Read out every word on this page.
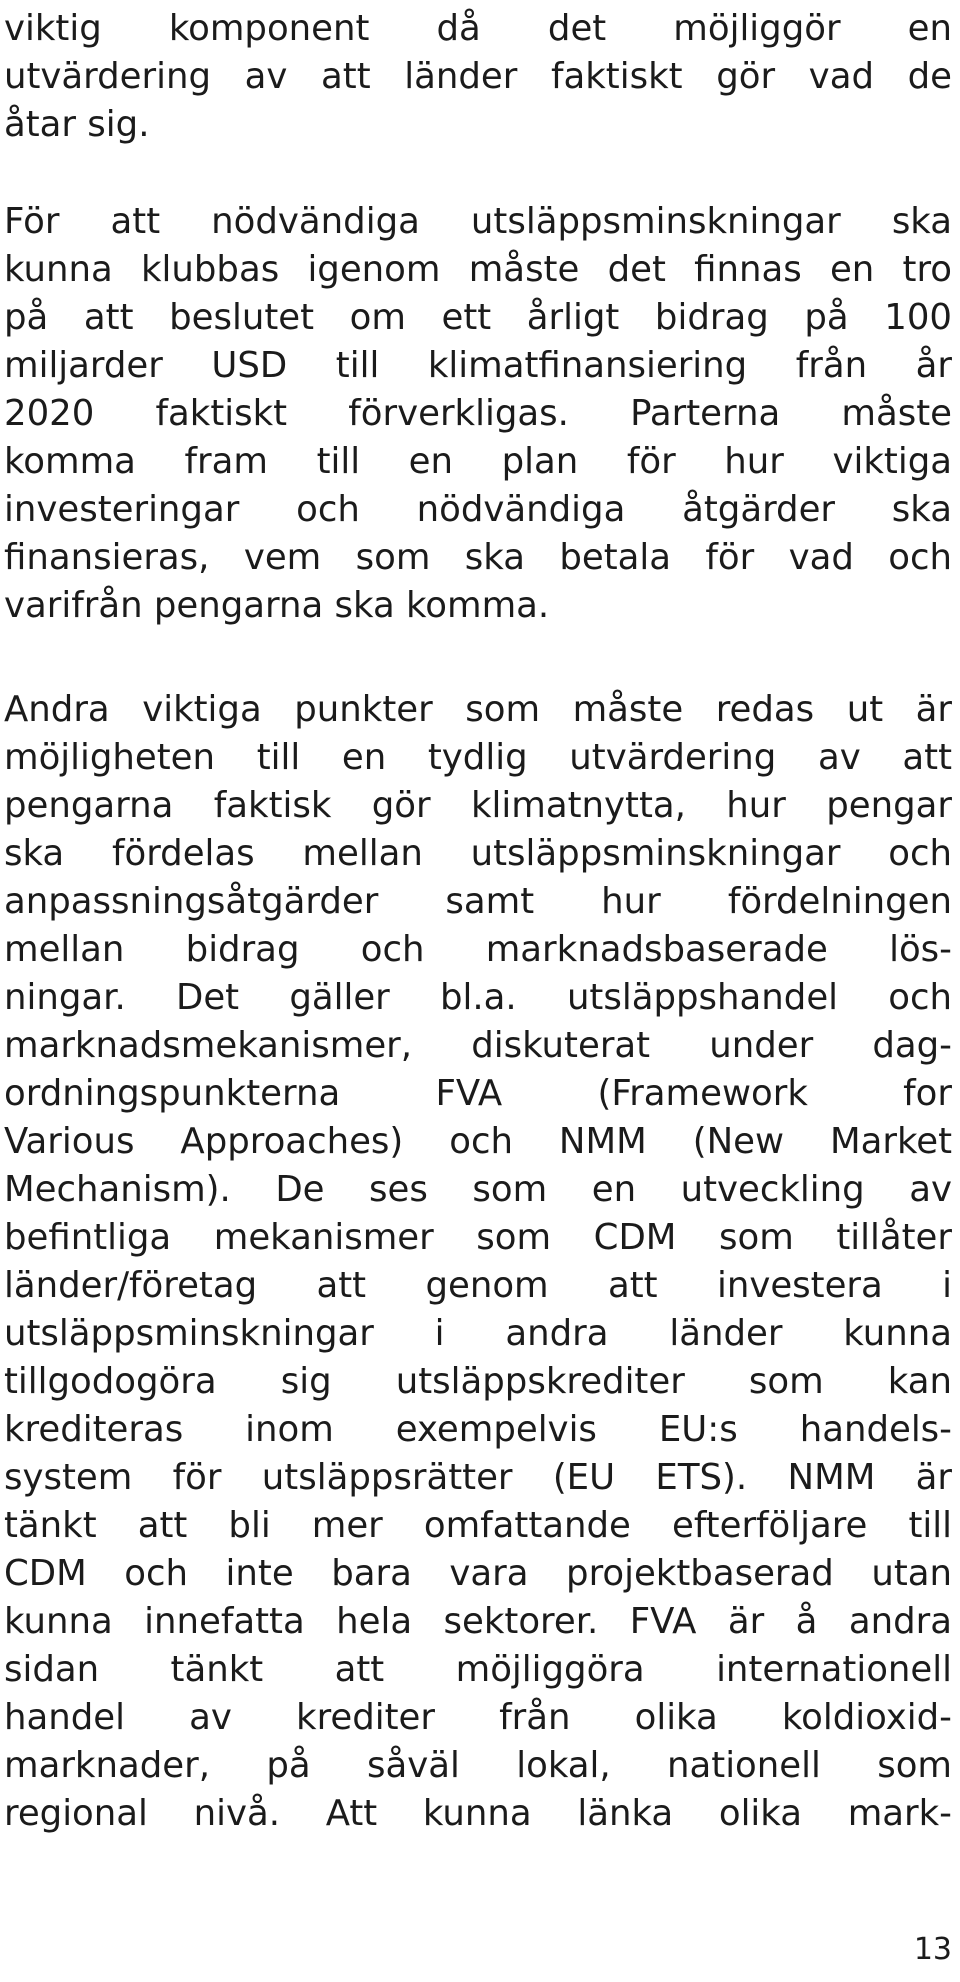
viktig komponent då det möjliggör en
utvärdering av att länder faktiskt gör vad de
åtar sig.
För att nödvändiga utsläppsminskningar ska
kunna klubbas igenom måste det finnas en tro
på att beslutet om ett årligt bidrag på 100
miljarder USD till klimatfinansiering från år
2020 faktiskt förverkligas. Parterna måste
komma fram till en plan för hur viktiga
investeringar och nödvändiga åtgärder ska
finansieras, vem som ska betala för vad och
varifrån pengarna ska komma.
Andra viktiga punkter som måste redas ut är
möjligheten till en tydlig utvärdering av att
pengarna faktisk gör klimatnytta, hur pengar
ska fördelas mellan utsläppsminskningar och
anpassningsåtgärder samt hur fördelningen
mellan bidrag och marknadsbaserade lös-
ningar. Det gäller bl.a. utsläppshandel och
marknadsmekanismer, diskuterat under dag-
ordningspunkterna FVA (Framework for
Various Approaches) och NMM (New Market
Mechanism). De ses som en utveckling av
befintliga mekanismer som CDM som tillåter
länder/företag att genom att investera i
utsläppsminskningar i andra länder kunna
tillgodogöra sig utsläppskrediter som kan
krediteras inom exempelvis EU:s handels-
system för utsläppsrätter (EU ETS). NMM är
tänkt att bli mer omfattande efterföljare till
CDM och inte bara vara projektbaserad utan
kunna innefatta hela sektorer. FVA är å andra
sidan tänkt att möjliggöra internationell
handel av krediter från olika koldioxid-
marknader, på såväl lokal, nationell som
regional nivå. Att kunna länka olika mark-
13
